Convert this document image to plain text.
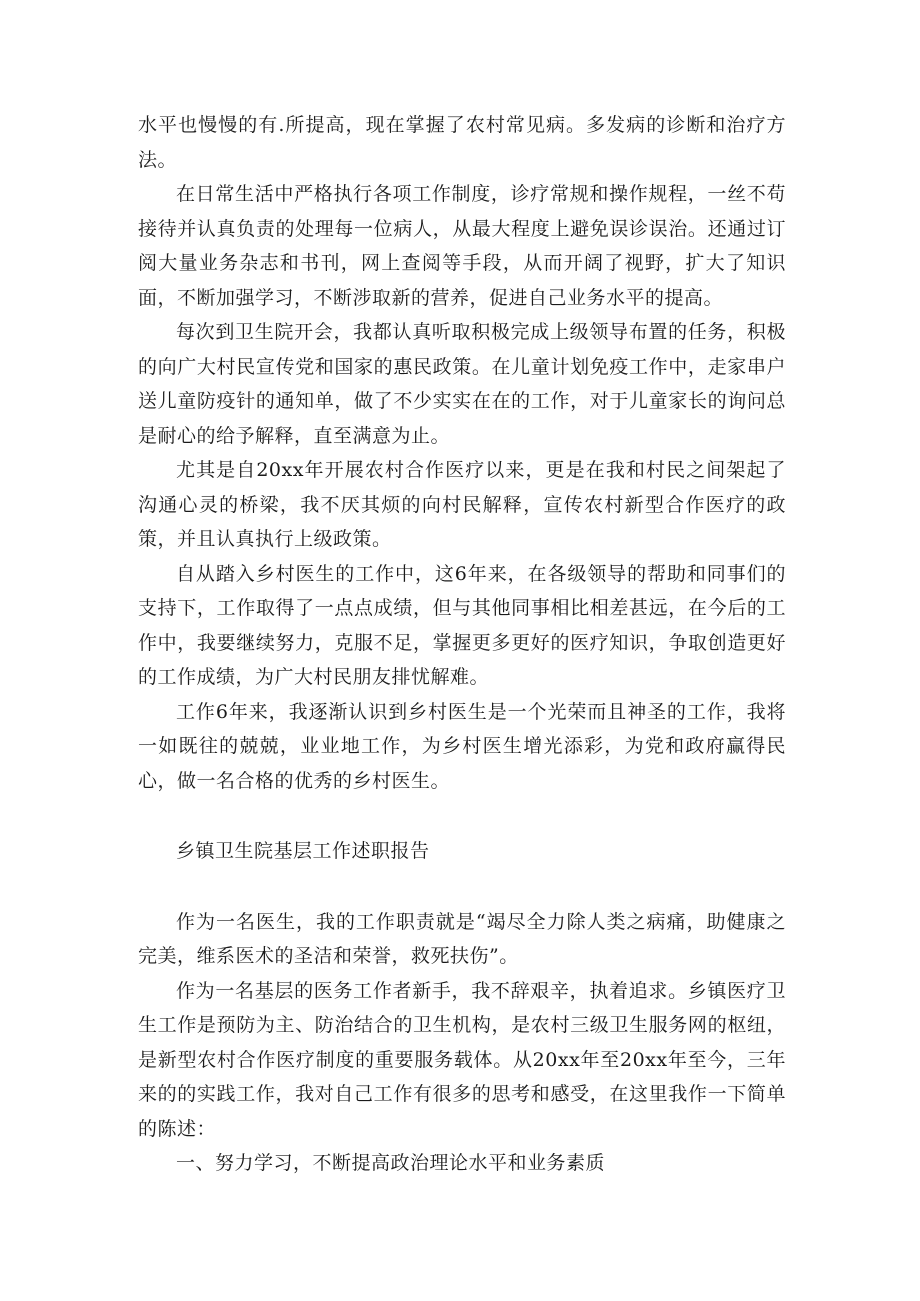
水平也慢慢的有.所提高，现在掌握了农村常见病。多发病的诊断和治疗方法。

在日常生活中严格执行各项工作制度，诊疗常规和操作规程，一丝不苟接待并认真负责的处理每一位病人，从最大程度上避免误诊误治。还通过订阅大量业务杂志和书刊，网上查阅等手段，从而开阔了视野，扩大了知识面，不断加强学习，不断涉取新的营养，促进自己业务水平的提高。

每次到卫生院开会，我都认真听取积极完成上级领导布置的任务，积极的向广大村民宣传党和国家的惠民政策。在儿童计划免疫工作中，走家串户送儿童防疫针的通知单，做了不少实实在在的工作，对于儿童家长的询问总是耐心的给予解释，直至满意为止。

尤其是自20xx年开展农村合作医疗以来，更是在我和村民之间架起了沟通心灵的桥梁，我不厌其烦的向村民解释，宣传农村新型合作医疗的政策，并且认真执行上级政策。

自从踏入乡村医生的工作中，这6年来，在各级领导的帮助和同事们的支持下，工作取得了一点点成绩，但与其他同事相比相差甚远，在今后的工作中，我要继续努力，克服不足，掌握更多更好的医疗知识，争取创造更好的工作成绩，为广大村民朋友排忧解难。

工作6年来，我逐渐认识到乡村医生是一个光荣而且神圣的工作，我将一如既往的兢兢，业业地工作，为乡村医生增光添彩，为党和政府赢得民心，做一名合格的优秀的乡村医生。

乡镇卫生院基层工作述职报告

作为一名医生，我的工作职责就是“竭尽全力除人类之病痛，助健康之完美，维系医术的圣洁和荣誉，救死扶伤”。

作为一名基层的医务工作者新手，我不辞艰辛，执着追求。乡镇医疗卫生工作是预防为主、防治结合的卫生机构，是农村三级卫生服务网的枢纽，是新型农村合作医疗制度的重要服务载体。从20xx年至20xx年至今，三年来的的实践工作，我对自己工作有很多的思考和感受，在这里我作一下简单的陈述：

一、努力学习，不断提高政治理论水平和业务素质
